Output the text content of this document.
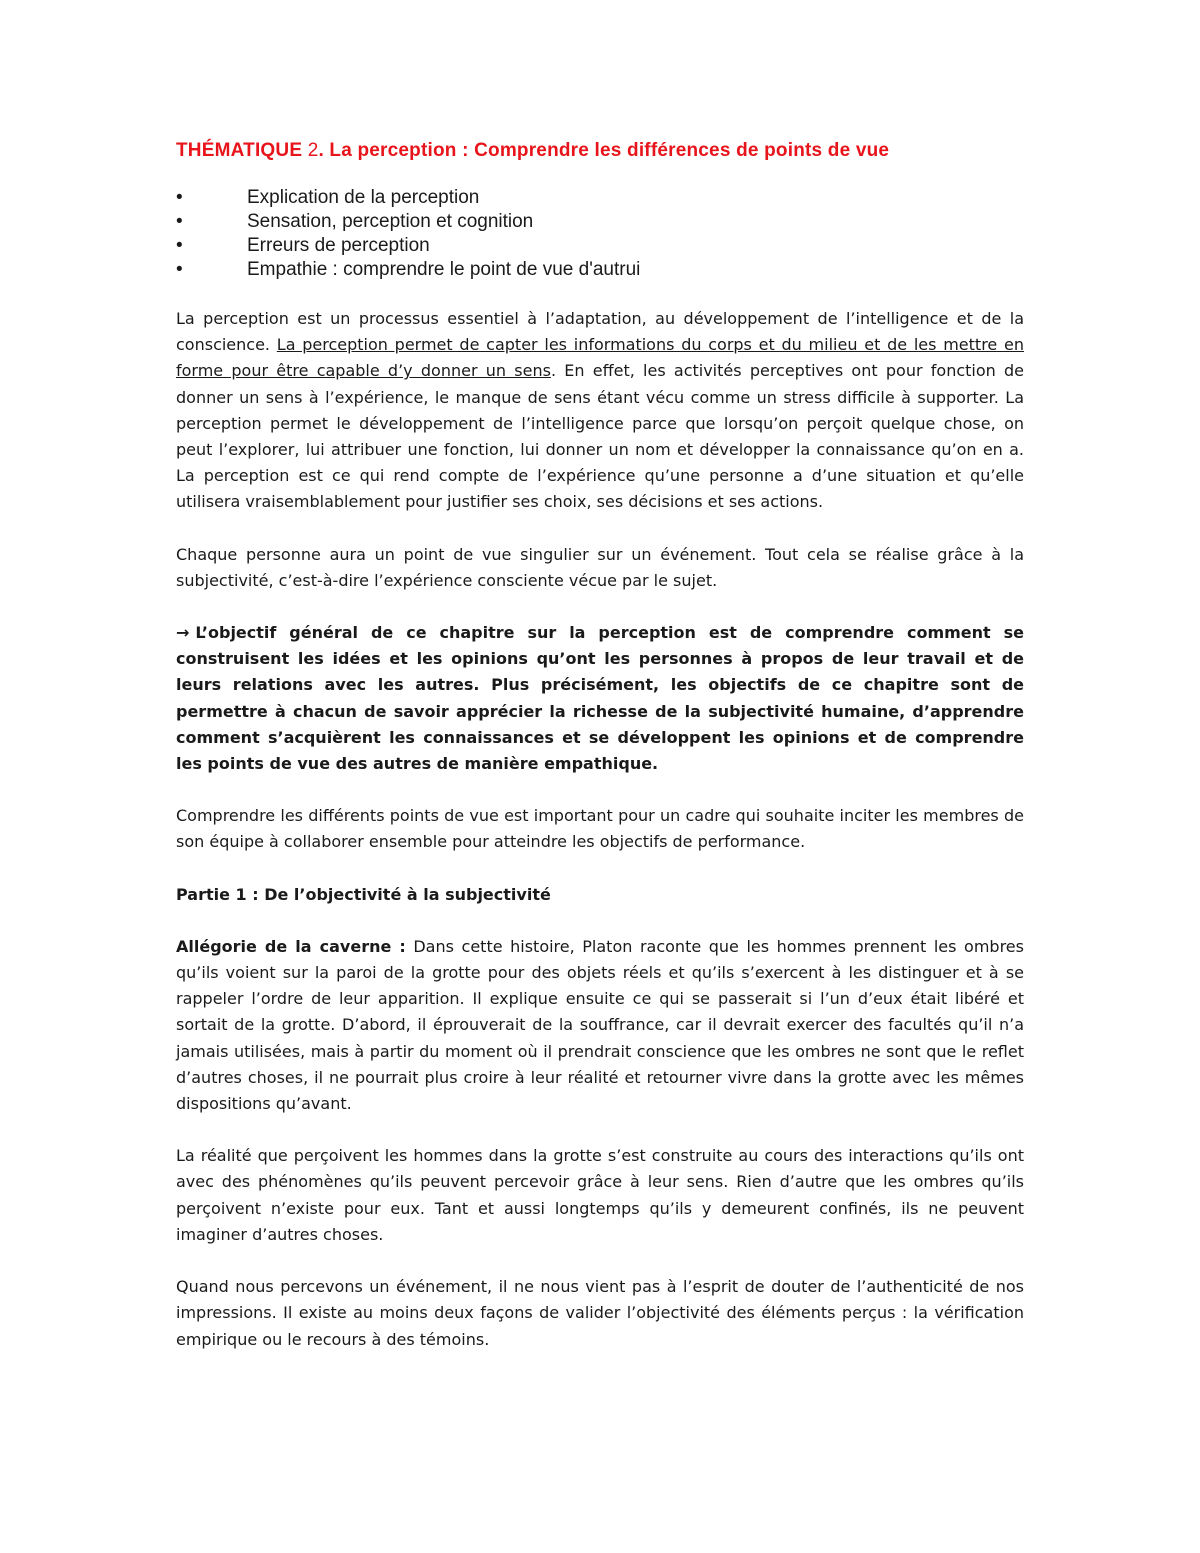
THÉMATIQUE 2. La perception : Comprendre les différences de points de vue
•	Explication de la perception
•	Sensation, perception et cognition
•	Erreurs de perception
•	Empathie : comprendre le point de vue d'autrui

La perception est un processus essentiel à l’adaptation, au développement de l’intelligence et de la conscience. La perception permet de capter les informations du corps et du milieu et de les mettre en forme pour être capable d’y donner un sens. En effet, les activités perceptives ont pour fonction de donner un sens à l’expérience, le manque de sens étant vécu comme un stress difficile à supporter. La perception permet le développement de l’intelligence parce que lorsqu’on perçoit quelque chose, on peut l’explorer, lui attribuer une fonction, lui donner un nom et développer la connaissance qu’on en a. La perception est ce qui rend compte de l’expérience qu’une personne a d’une situation et qu’elle utilisera vraisemblablement pour justifier ses choix, ses décisions et ses actions.

Chaque personne aura un point de vue singulier sur un événement. Tout cela se réalise grâce à la subjectivité, c’est-à-dire l’expérience consciente vécue par le sujet.

→ L’objectif général de ce chapitre sur la perception est de comprendre comment se construisent les idées et les opinions qu’ont les personnes à propos de leur travail et de leurs relations avec les autres. Plus précisément, les objectifs de ce chapitre sont de permettre à chacun de savoir apprécier la richesse de la subjectivité humaine, d’apprendre comment s’acquièrent les connaissances et se développent les opinions et de comprendre les points de vue des autres de manière empathique.

Comprendre les différents points de vue est important pour un cadre qui souhaite inciter les membres de son équipe à collaborer ensemble pour atteindre les objectifs de performance.

Partie 1 : De l’objectivité à la subjectivité

Allégorie de la caverne : Dans cette histoire, Platon raconte que les hommes prennent les ombres qu’ils voient sur la paroi de la grotte pour des objets réels et qu’ils s’exercent à les distinguer et à se rappeler l’ordre de leur apparition. Il explique ensuite ce qui se passerait si l’un d’eux était libéré et sortait de la grotte. D’abord, il éprouverait de la souffrance, car il devrait exercer des facultés qu’il n’a jamais utilisées, mais à partir du moment où il prendrait conscience que les ombres ne sont que le reflet d’autres choses, il ne pourrait plus croire à leur réalité et retourner vivre dans la grotte avec les mêmes dispositions qu’avant.

La réalité que perçoivent les hommes dans la grotte s’est construite au cours des interactions qu’ils ont avec des phénomènes qu’ils peuvent percevoir grâce à leur sens. Rien d’autre que les ombres qu’ils perçoivent n’existe pour eux. Tant et aussi longtemps qu’ils y demeurent confinés, ils ne peuvent imaginer d’autres choses.

Quand nous percevons un événement, il ne nous vient pas à l’esprit de douter de l’authenticité de nos impressions. Il existe au moins deux façons de valider l’objectivité des éléments perçus : la vérification empirique ou le recours à des témoins.
